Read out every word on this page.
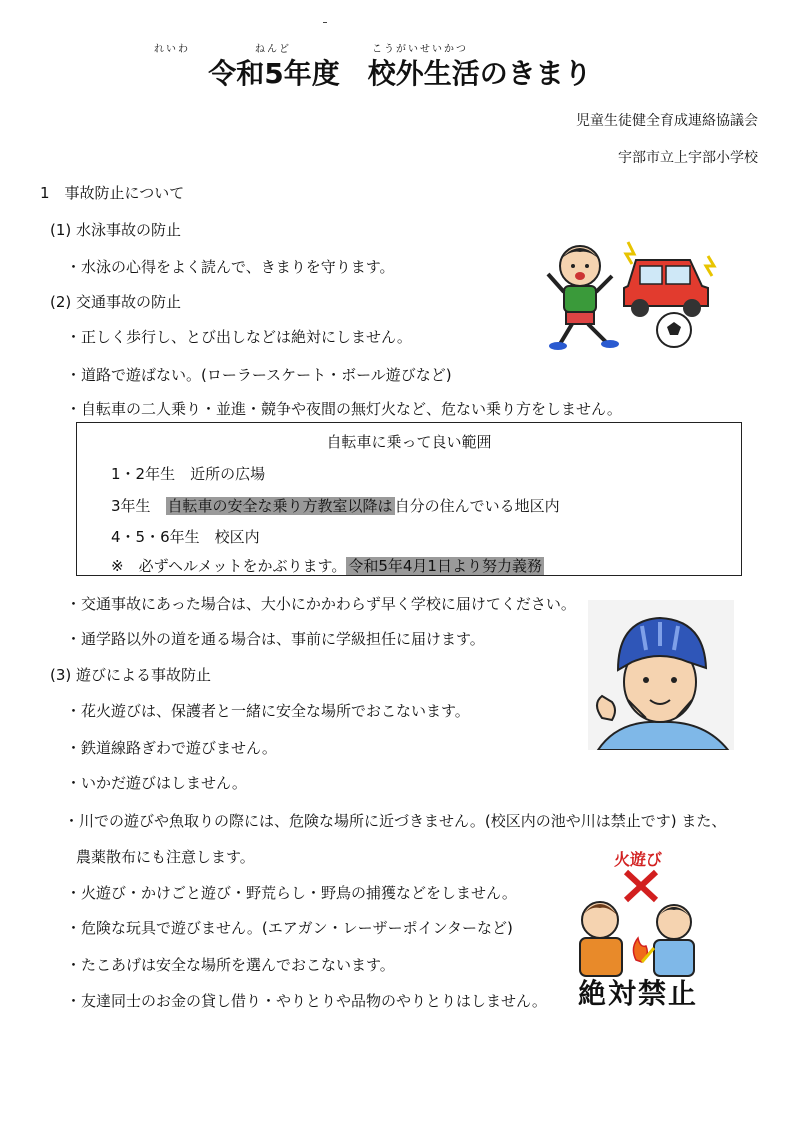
れいわ	ねんど	こうがいせいかつ
令和5年度　校外生活のきまり
児童生徒健全育成連絡協議会
宇部市立上宇部小学校
1　事故防止について
(1) 水泳事故の防止
・水泳の心得をよく読んで、きまりを守ります。
(2) 交通事故の防止
・正しく歩行し、とび出しなどは絶対にしません。
・道路で遊ばない。(ローラースケート・ボール遊びなど)
・自転車の二人乗り・並進・競争や夜間の無灯火など、危ない乗り方をしません。
自転車に乗って良い範囲
1・2年生　近所の広場
3年生　自転車の安全な乗り方教室以降は 自分の住んでいる地区内
4・5・6年生　校区内
※　必ずヘルメットをかぶります。 令和5年4月1日より努力義務
・交通事故にあった場合は、大小にかかわらず早く学校に届けてください。
・通学路以外の道を通る場合は、事前に学級担任に届けます。
(3) 遊びによる事故防止
・花火遊びは、保護者と一緒に安全な場所でおこないます。
・鉄道線路ぎわで遊びません。
・いかだ遊びはしません。
・川での遊びや魚取りの際には、危険な場所に近づきません。(校区内の池や川は禁止です) また、
農薬散布にも注意します。
・火遊び・かけごと遊び・野荒らし・野鳥の捕獲などをしません。
・危険な玩具で遊びません。(エアガン・レーザーポインターなど)
・たこあげは安全な場所を選んでおこないます。
・友達同士のお金の貸し借り・やりとりや品物のやりとりはしません。
火遊び
絶対禁止
